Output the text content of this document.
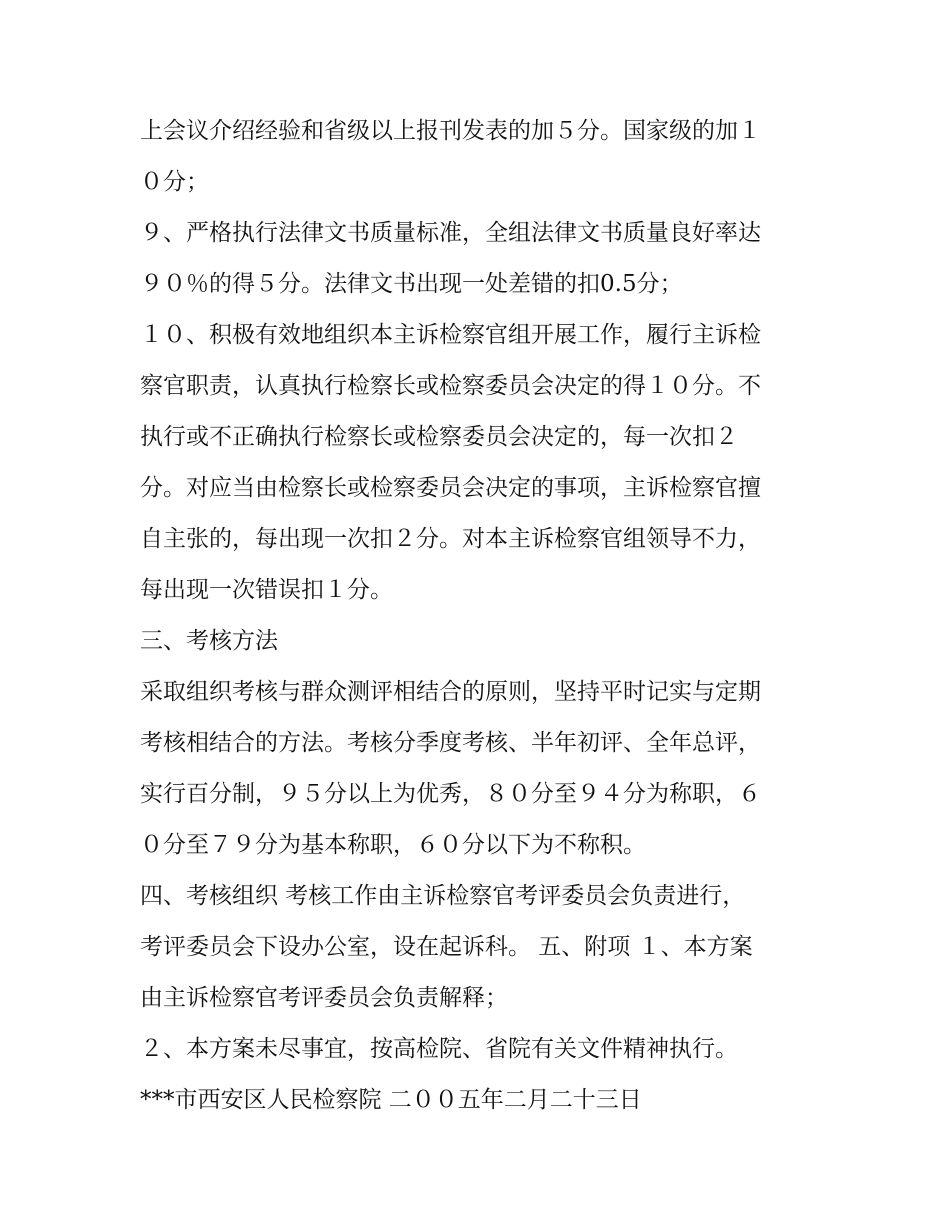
上会议介绍经验和省级以上报刊发表的加５分。国家级的加１
０分；
９、严格执行法律文书质量标准，全组法律文书质量良好率达
９０％的得５分。法律文书出现一处差错的扣0.5分；
１０、积极有效地组织本主诉检察官组开展工作，履行主诉检
察官职责，认真执行检察长或检察委员会决定的得１０分。不
执行或不正确执行检察长或检察委员会决定的，每一次扣２
分。对应当由检察长或检察委员会决定的事项，主诉检察官擅
自主张的，每出现一次扣２分。对本主诉检察官组领导不力，
每出现一次错误扣１分。
三、考核方法
采取组织考核与群众测评相结合的原则，坚持平时记实与定期
考核相结合的方法。考核分季度考核、半年初评、全年总评，
实行百分制，９５分以上为优秀，８０分至９４分为称职，６
０分至７９分为基本称职，６０分以下为不称积。
四、考核组织 考核工作由主诉检察官考评委员会负责进行，
考评委员会下设办公室，设在起诉科。 五、附项 １、本方案
由主诉检察官考评委员会负责解释；
２、本方案未尽事宜，按高检院、省院有关文件精神执行。
***市西安区人民检察院 二００五年二月二十三日
